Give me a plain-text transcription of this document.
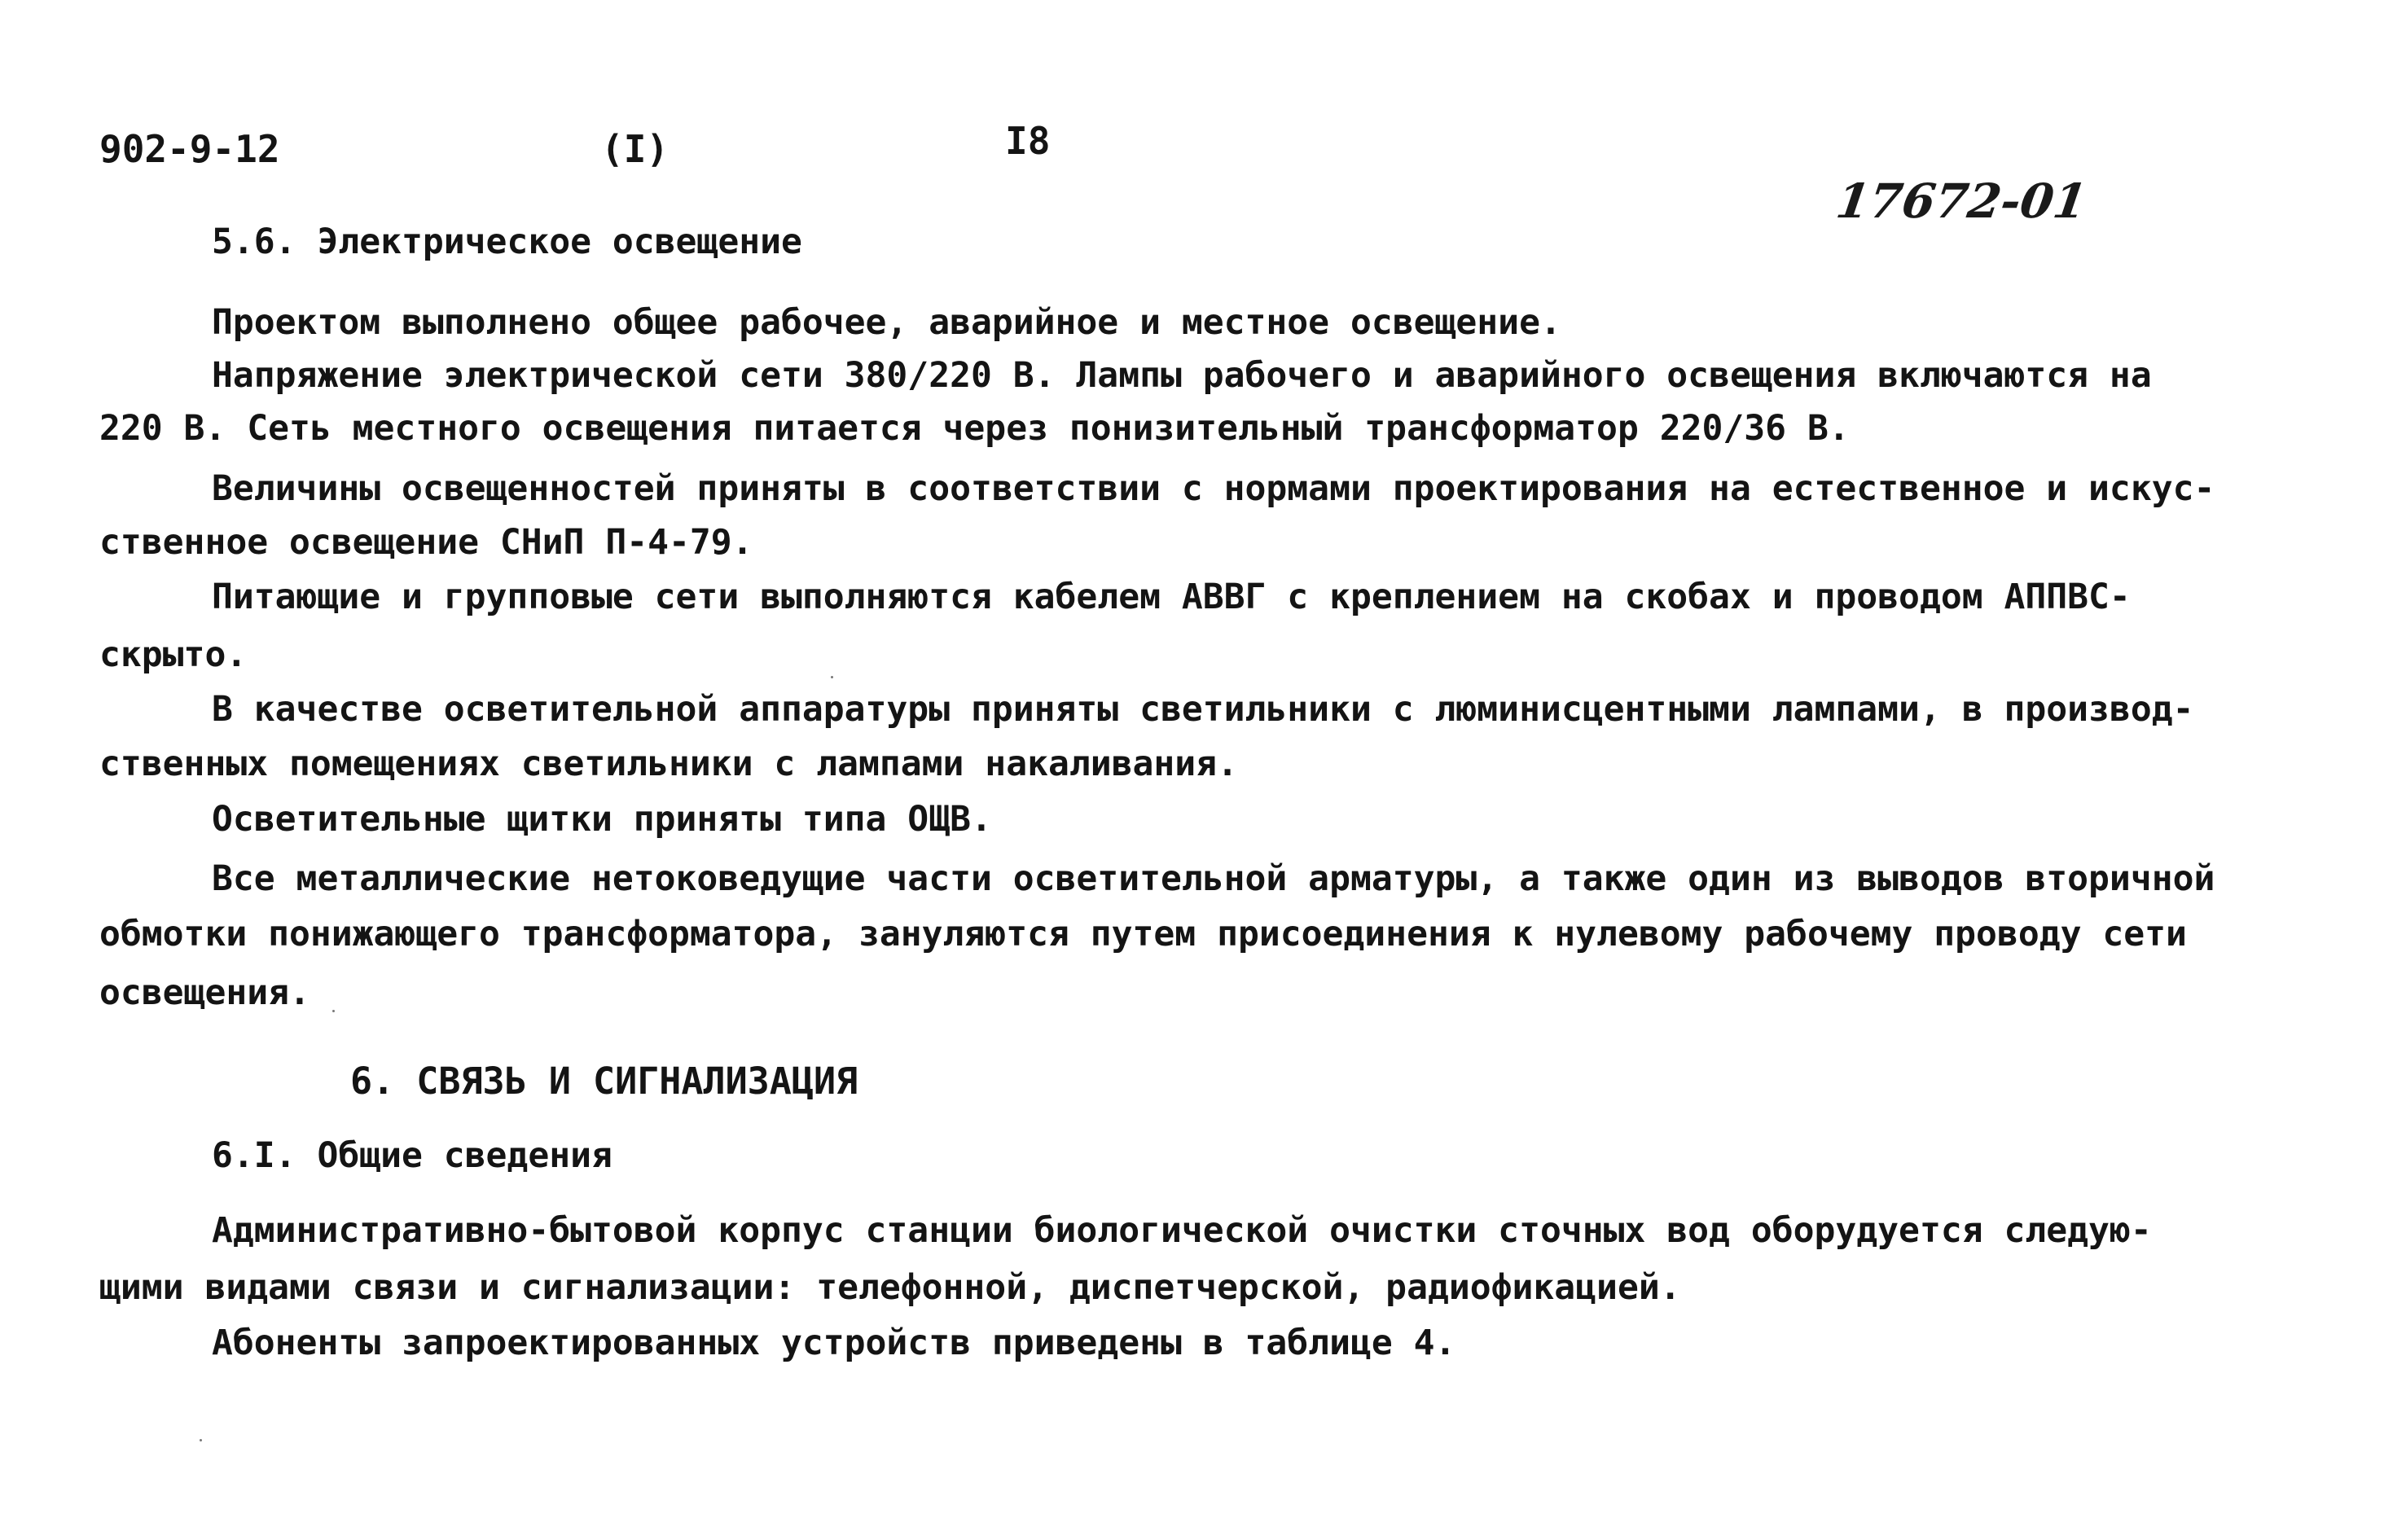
902-9-12	(I)	I8
17672-01
5.6. Электрическое освещение
Проектом выполнено общее рабочее, аварийное и местное освещение.
Напряжение электрической сети 380/220 В. Лампы рабочего и аварийного освещения включаются на
220 В. Сеть местного освещения питается через понизительный трансформатор 220/36 В.
Величины освещенностей приняты в соответствии с нормами проектирования на естественное и искус-
ственное освещение СНиП П-4-79.
Питающие и групповые сети выполняются кабелем АВВГ с креплением на скобах и проводом АППВС-
скрыто.
В качестве осветительной аппаратуры приняты светильники с люминисцентными лампами, в производ-
ственных помещениях светильники с лампами накаливания.
Осветительные щитки приняты типа ОЩВ.
Все металлические нетоковедущие части осветительной арматуры, а также один из выводов вторичной
обмотки понижающего трансформатора, зануляются путем присоединения к нулевому рабочему проводу сети
освещения.
6. СВЯЗЬ И СИГНАЛИЗАЦИЯ
6.I. Общие сведения
Административно-бытовой корпус станции биологической очистки сточных вод оборудуется следую-
щими видами связи и сигнализации: телефонной, диспетчерской, радиофикацией.
Абоненты запроектированных устройств приведены в таблице 4.
